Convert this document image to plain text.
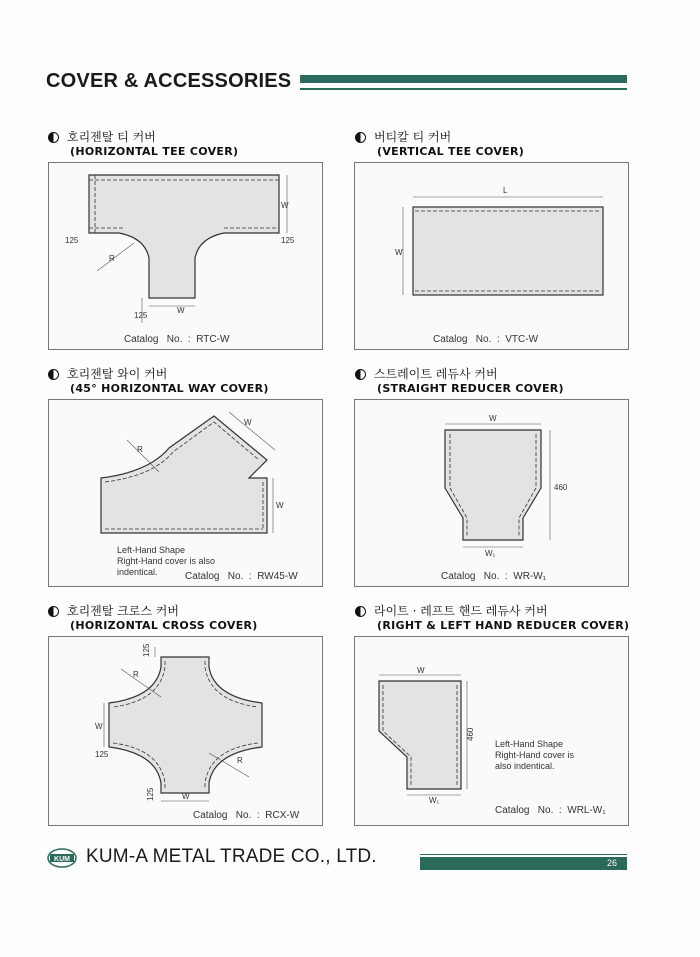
COVER & ACCESSORIES
호리젠탈 티 커버
(HORIZONTAL TEE COVER)
W
R
125	125
125
W
Catalog   No.  :  RTC-W
버티칼 티 커버
(VERTICAL TEE COVER)
L
W
Catalog   No.  :  VTC-W
호리젠탈 와이 커버
(45° HORIZONTAL WAY COVER)
W
W
R
Left-Hand Shape
Right-Hand cover is also
indentical.	Catalog   No.  :  RW45-W
스트레이트 레듀사 커버
(STRAIGHT REDUCER COVER)
W
460
W₁
Catalog   No.  :  WR-W₁
호리젠탈 크로스 커버
(HORIZONTAL CROSS COVER)
125
R
W
125
R
125	W
Catalog   No.  :  RCX-W
라이트 · 레프트 핸드 레듀사 커버
(RIGHT & LEFT HAND REDUCER COVER)
W
460
W₁
Left-Hand Shape
Right-Hand cover is
also indentical.
Catalog   No.  :  WRL-W₁
KUM KUM-A METAL TRADE CO., LTD.	26
